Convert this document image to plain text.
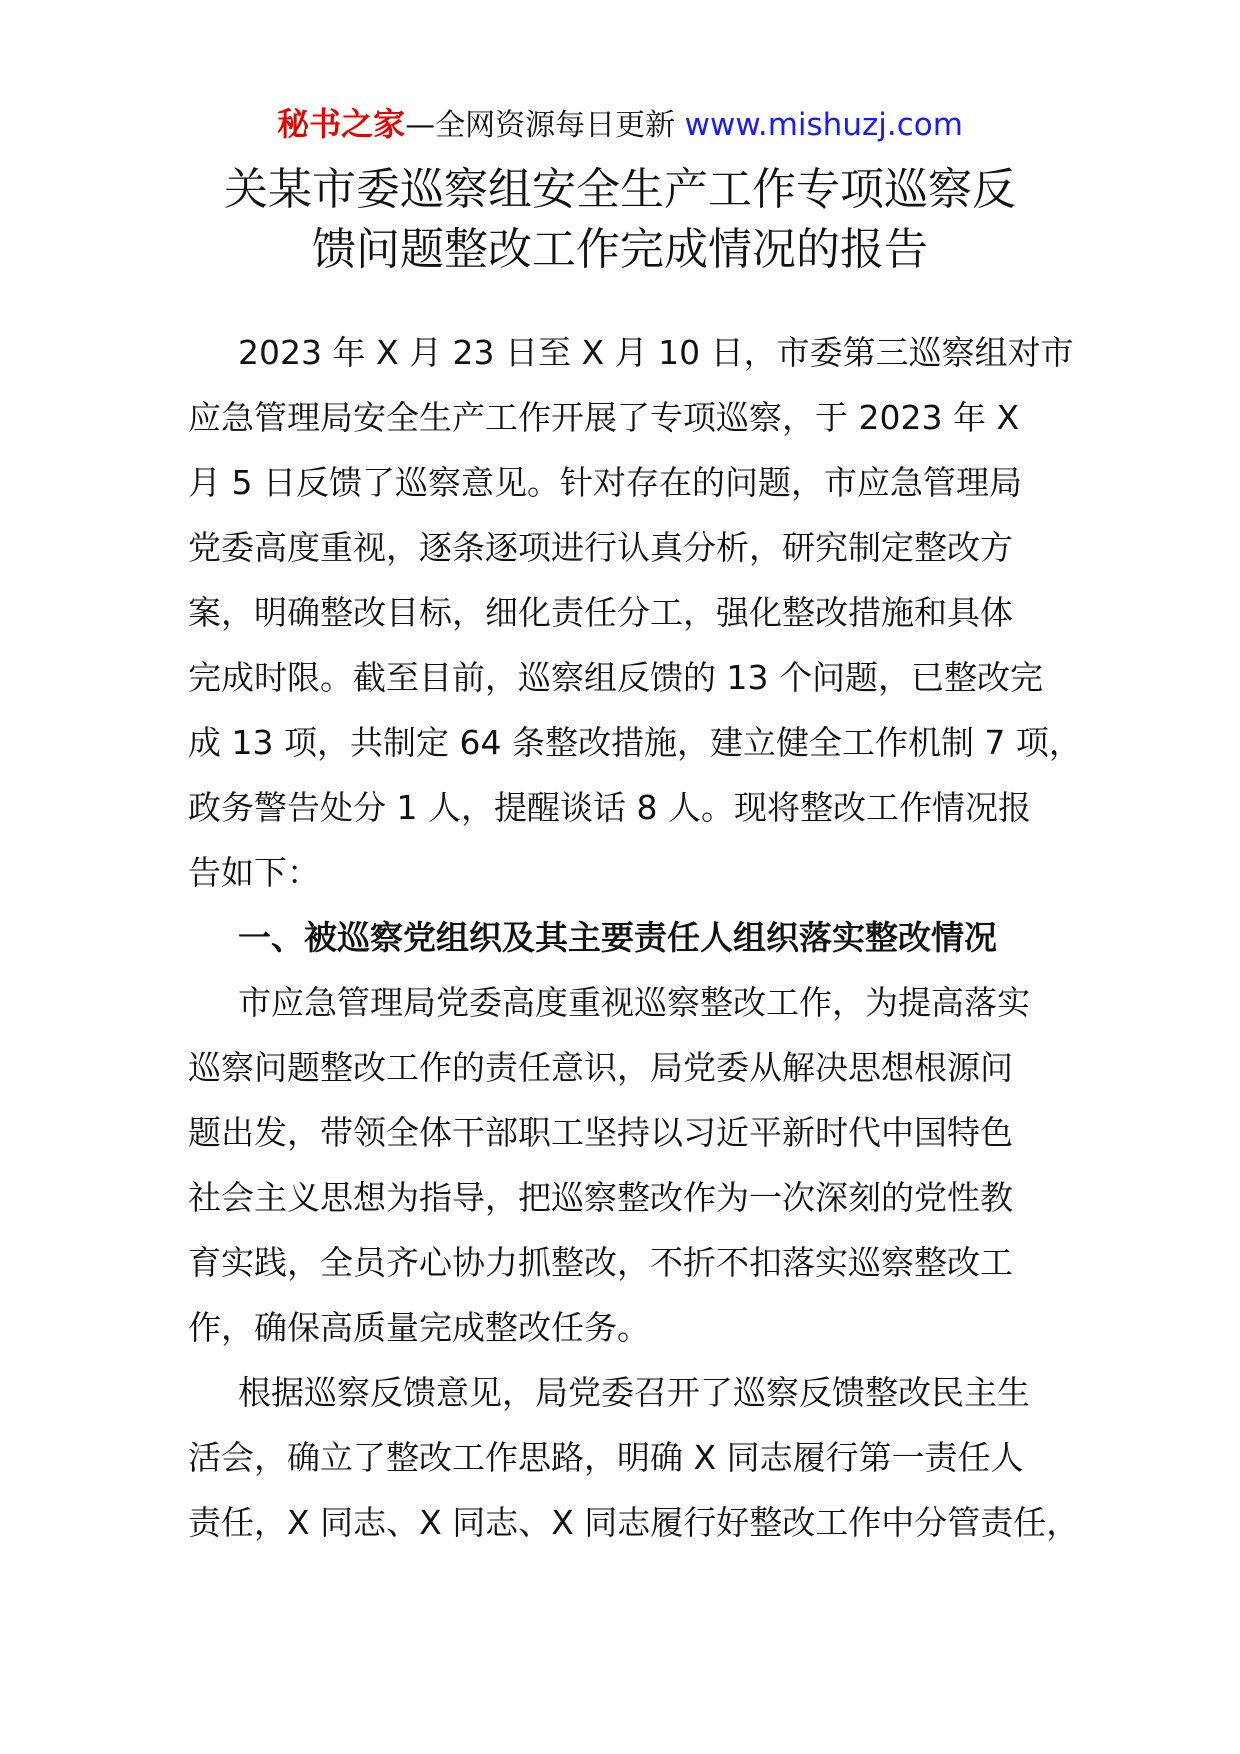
秘书之家—全网资源每日更新 www.mishuzj.com
关某市委巡察组安全生产工作专项巡察反
馈问题整改工作完成情况的报告

2023 年 X 月 23 日至 X 月 10 日，市委第三巡察组对市
应急管理局安全生产工作开展了专项巡察，于 2023 年 X
月 5 日反馈了巡察意见。针对存在的问题，市应急管理局
党委高度重视，逐条逐项进行认真分析，研究制定整改方
案，明确整改目标，细化责任分工，强化整改措施和具体
完成时限。截至目前，巡察组反馈的 13 个问题，已整改完
成 13 项，共制定 64 条整改措施，建立健全工作机制 7 项，
政务警告处分 1 人，提醒谈话 8 人。现将整改工作情况报
告如下：

一、被巡察党组织及其主要责任人组织落实整改情况

市应急管理局党委高度重视巡察整改工作，为提高落实
巡察问题整改工作的责任意识，局党委从解决思想根源问
题出发，带领全体干部职工坚持以习近平新时代中国特色
社会主义思想为指导，把巡察整改作为一次深刻的党性教
育实践，全员齐心协力抓整改，不折不扣落实巡察整改工
作，确保高质量完成整改任务。

根据巡察反馈意见，局党委召开了巡察反馈整改民主生
活会，确立了整改工作思路，明确 X 同志履行第一责任人
责任，X 同志、X 同志、X 同志履行好整改工作中分管责任，
